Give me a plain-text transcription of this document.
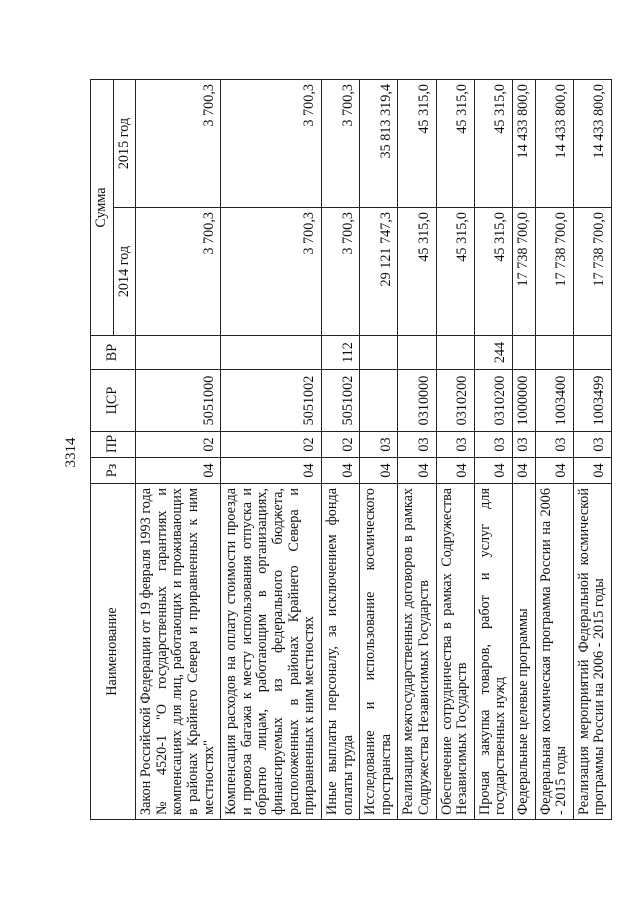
3314
Наименование	Рз	ПР	ЦСР	ВР	Сумма	
					2014 год	2015 год
Закон Российской Федерации от 19 февраля 1993 года № 4520-1 "О государственных гарантиях и компенсациях для лиц, работающих и проживающих в районах Крайнего Севера и приравненных к ним местностях"	04	02	5051000		3 700,3	3 700,3
Компенсация расходов на оплату стоимости проезда и провоза багажа к месту использования отпуска и обратно лицам, работающим в организациях, финансируемых из федерального бюджета, расположенных в районах Крайнего Севера и приравненных к ним местностях	04	02	5051002		3 700,3	3 700,3
Иные выплаты персоналу, за исключением фонда оплаты труда	04	02	5051002	112	3 700,3	3 700,3
Исследование и использование космического пространства	04	03			29 121 747,3	35 813 319,4
Реализация межгосударственных договоров в рамках Содружества Независимых Государств	04	03	0310000		45 315,0	45 315,0
Обеспечение сотрудничества в рамках Содружества Независимых Государств	04	03	0310200		45 315,0	45 315,0
Прочая закупка товаров, работ и услуг для государственных нужд	04	03	0310200	244	45 315,0	45 315,0
Федеральные целевые программы	04	03	1000000		17 738 700,0	14 433 800,0
Федеральная космическая программа России на 2006 - 2015 годы	04	03	1003400		17 738 700,0	14 433 800,0
Реализация мероприятий Федеральной космической программы России на 2006 - 2015 годы	04	03	1003499		17 738 700,0	14 433 800,0
